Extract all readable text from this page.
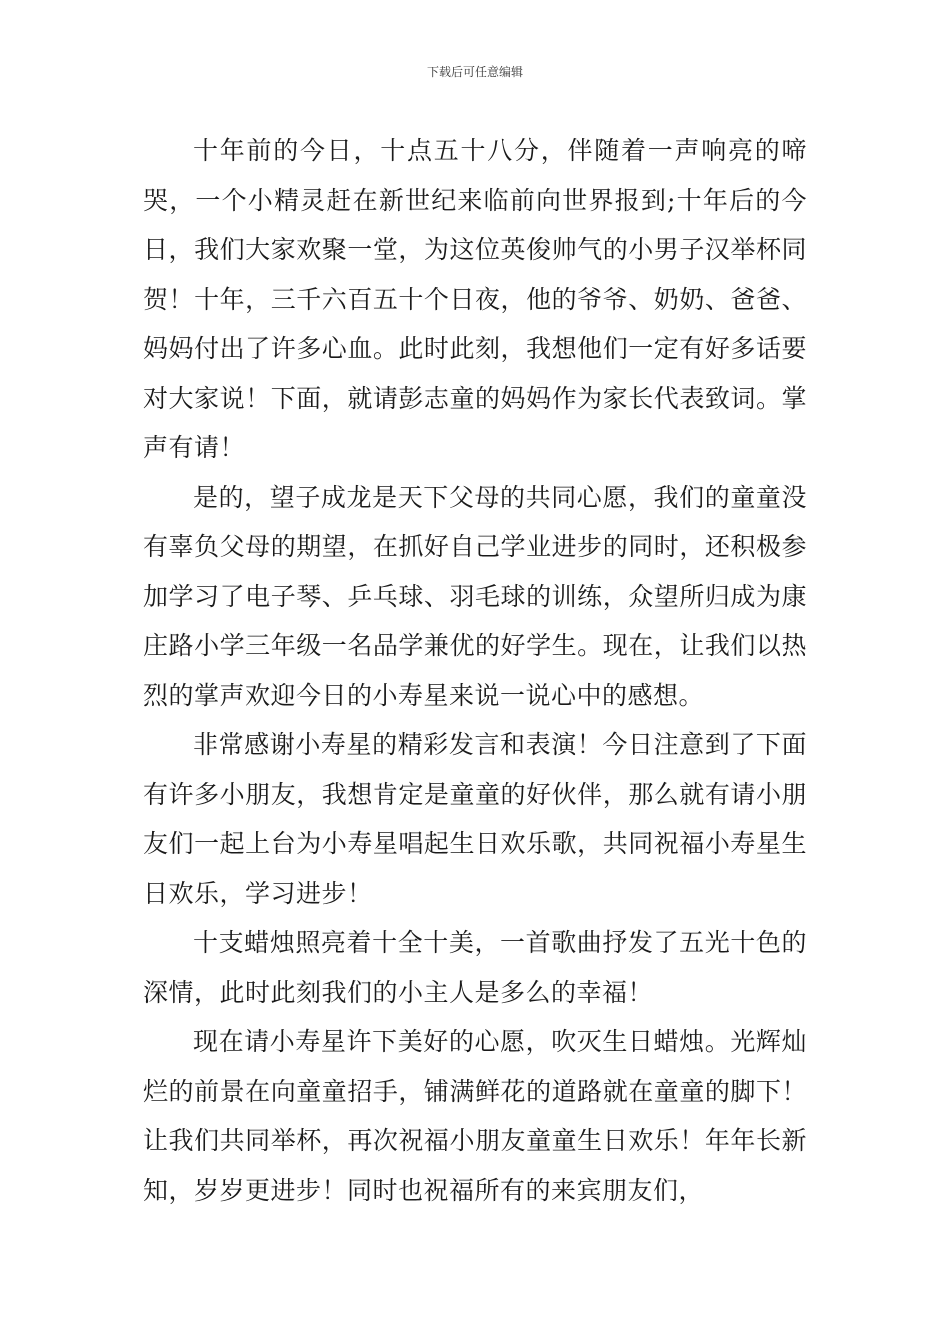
下载后可任意编辑

十年前的今日，十点五十八分，伴随着一声响亮的啼哭，一个小精灵赶在新世纪来临前向世界报到;十年后的今日，我们大家欢聚一堂，为这位英俊帅气的小男子汉举杯同贺！十年，三千六百五十个日夜，他的爷爷、奶奶、爸爸、妈妈付出了许多心血。此时此刻，我想他们一定有好多话要对大家说！下面，就请彭志童的妈妈作为家长代表致词。掌声有请！

是的，望子成龙是天下父母的共同心愿，我们的童童没有辜负父母的期望，在抓好自己学业进步的同时，还积极参加学习了电子琴、乒乓球、羽毛球的训练，众望所归成为康庄路小学三年级一名品学兼优的好学生。现在，让我们以热烈的掌声欢迎今日的小寿星来说一说心中的感想。

非常感谢小寿星的精彩发言和表演！今日注意到了下面有许多小朋友，我想肯定是童童的好伙伴，那么就有请小朋友们一起上台为小寿星唱起生日欢乐歌，共同祝福小寿星生日欢乐，学习进步！

十支蜡烛照亮着十全十美，一首歌曲抒发了五光十色的深情，此时此刻我们的小主人是多么的幸福！

现在请小寿星许下美好的心愿，吹灭生日蜡烛。光辉灿烂的前景在向童童招手，铺满鲜花的道路就在童童的脚下！让我们共同举杯，再次祝福小朋友童童生日欢乐！年年长新知，岁岁更进步！同时也祝福所有的来宾朋友们，
